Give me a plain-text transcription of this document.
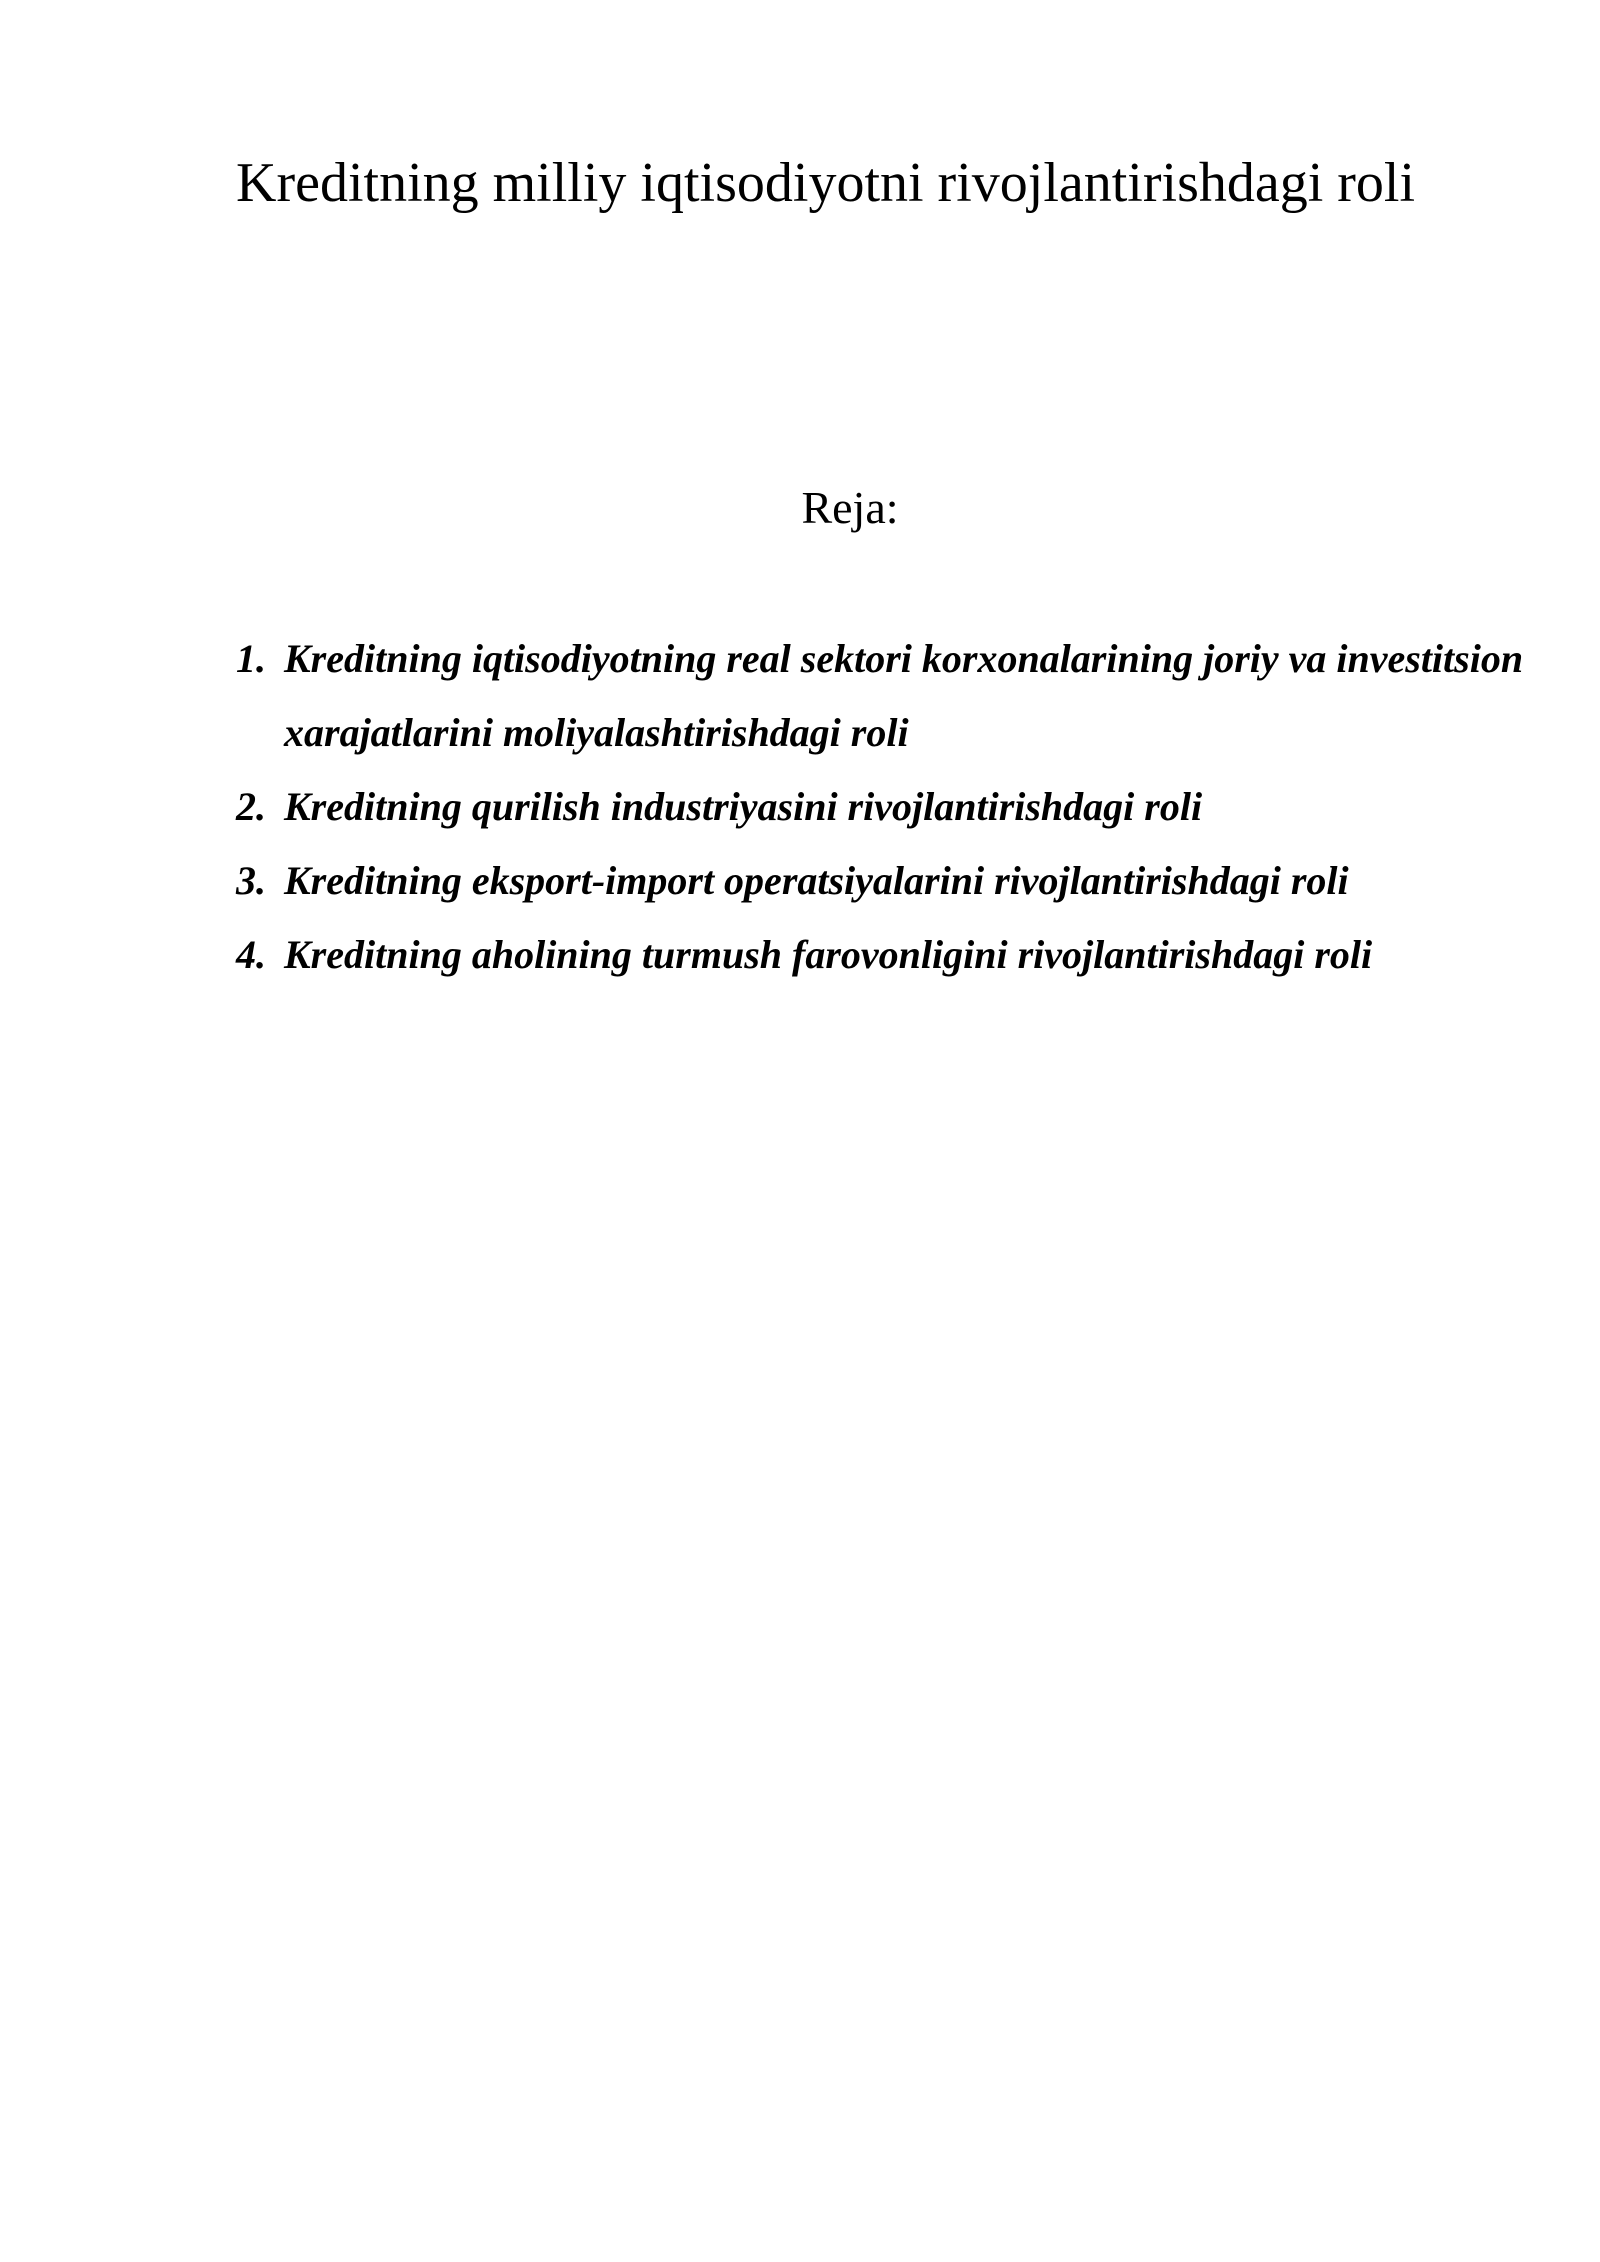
Kreditning milliy iqtisodiyotni rivojlantirishdagi roli
Reja:
1. Kreditning iqtisodiyotning real sektori korxonalarining joriy va investitsion xarajatlarini moliyalashtirishdagi roli
2. Kreditning qurilish industriyasini rivojlantirishdagi roli
3. Kreditning eksport-import operatsiyalarini rivojlantirishdagi roli
4. Kreditning aholining turmush farovonligini rivojlantirishdagi roli
